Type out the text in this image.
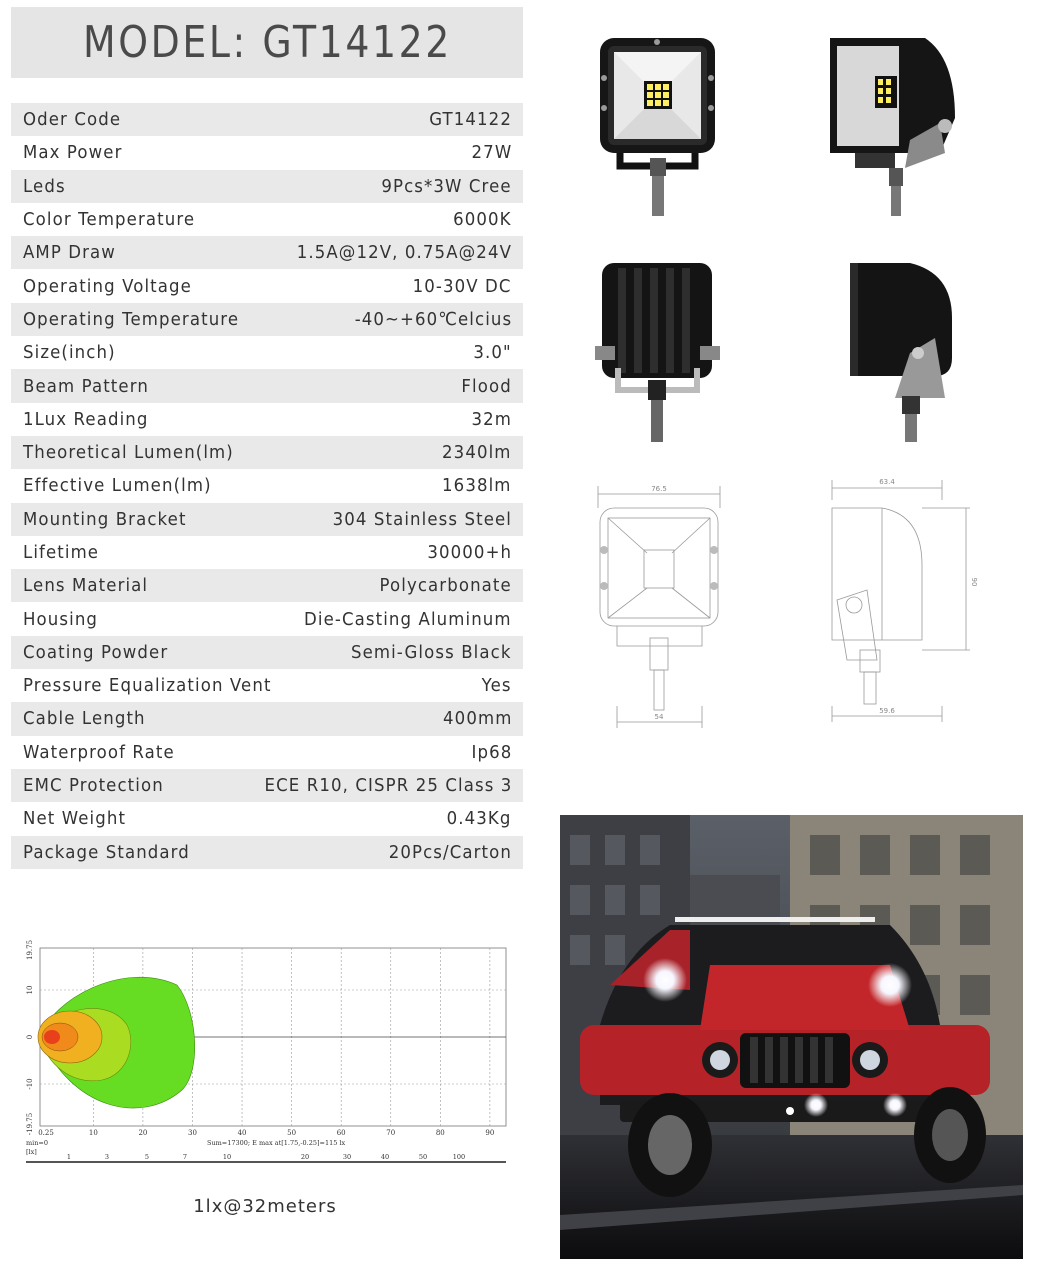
MODEL: GT14122
Oder Code	GT14122
Max Power	27W
Leds	9Pcs*3W Cree
Color Temperature	6000K
AMP Draw	1.5A@12V, 0.75A@24V
Operating Voltage	10-30V DC
Operating Temperature	-40~+60℃elcius
Size(inch)	3.0"
Beam Pattern	Flood
1Lux Reading	32m
Theoretical Lumen(lm)	2340lm
Effective Lumen(lm)	1638lm
Mounting Bracket	304 Stainless Steel
Lifetime	30000+h
Lens Material	Polycarbonate
Housing	Die-Casting Aluminum
Coating Powder	Semi-Gloss Black
Pressure Equalization Vent	Yes
Cable Length	400mm
Waterproof Rate	Ip68
EMC Protection	ECE R10, CISPR 25 Class 3
Net Weight	0.43Kg
Package Standard	20Pcs/Carton
76.5
54
63.4
90
59.6
19.75
10
0
-10
-19.75 0.25	10	20	30	40	50	60	70	80	90
min=0
[lx]
Sum=17300; E max at[1.75,-0.25]=115 lx
1	3	5	7	10	20	30	40	50	100
1lx@32meters
